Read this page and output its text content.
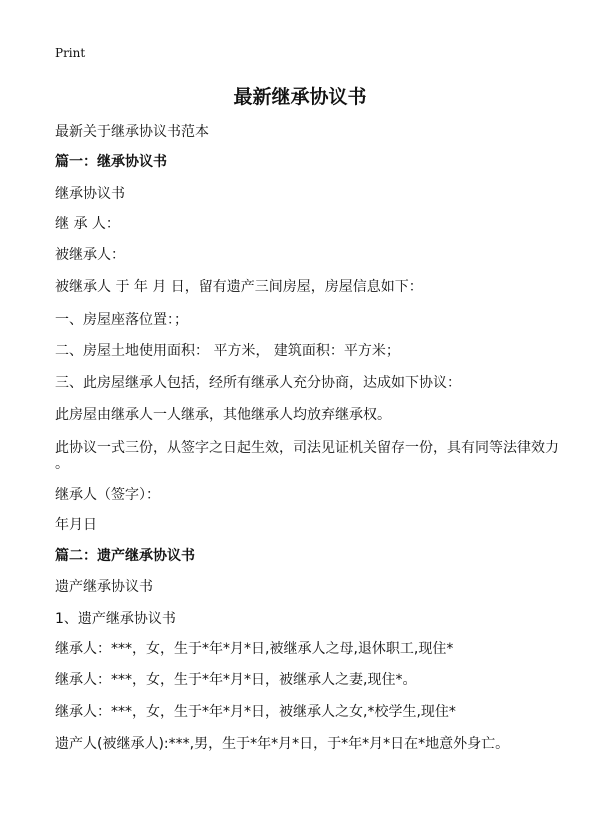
Print
最新继承协议书
最新关于继承协议书范本
篇一：继承协议书
继承协议书
继 承 人：
被继承人：
被继承人 于 年 月 日，留有遗产三间房屋，房屋信息如下：
一、房屋座落位置：；
二、房屋土地使用面积： 平方米， 建筑面积：平方米；
三、此房屋继承人包括，经所有继承人充分协商，达成如下协议：
此房屋由继承人一人继承，其他继承人均放弃继承权。
此协议一式三份，从签字之日起生效，司法见证机关留存一份，具有同等法律效力
。
继承人（签字）：
年月日
篇二：遗产继承协议书
遗产继承协议书
1、遗产继承协议书
继承人：***，女，生于*年*月*日,被继承人之母,退休职工,现住*
继承人：***，女，生于*年*月*日，被继承人之妻,现住*。
继承人：***，女，生于*年*月*日，被继承人之女,*校学生,现住*
遗产人(被继承人):***,男，生于*年*月*日，于*年*月*日在*地意外身亡。
